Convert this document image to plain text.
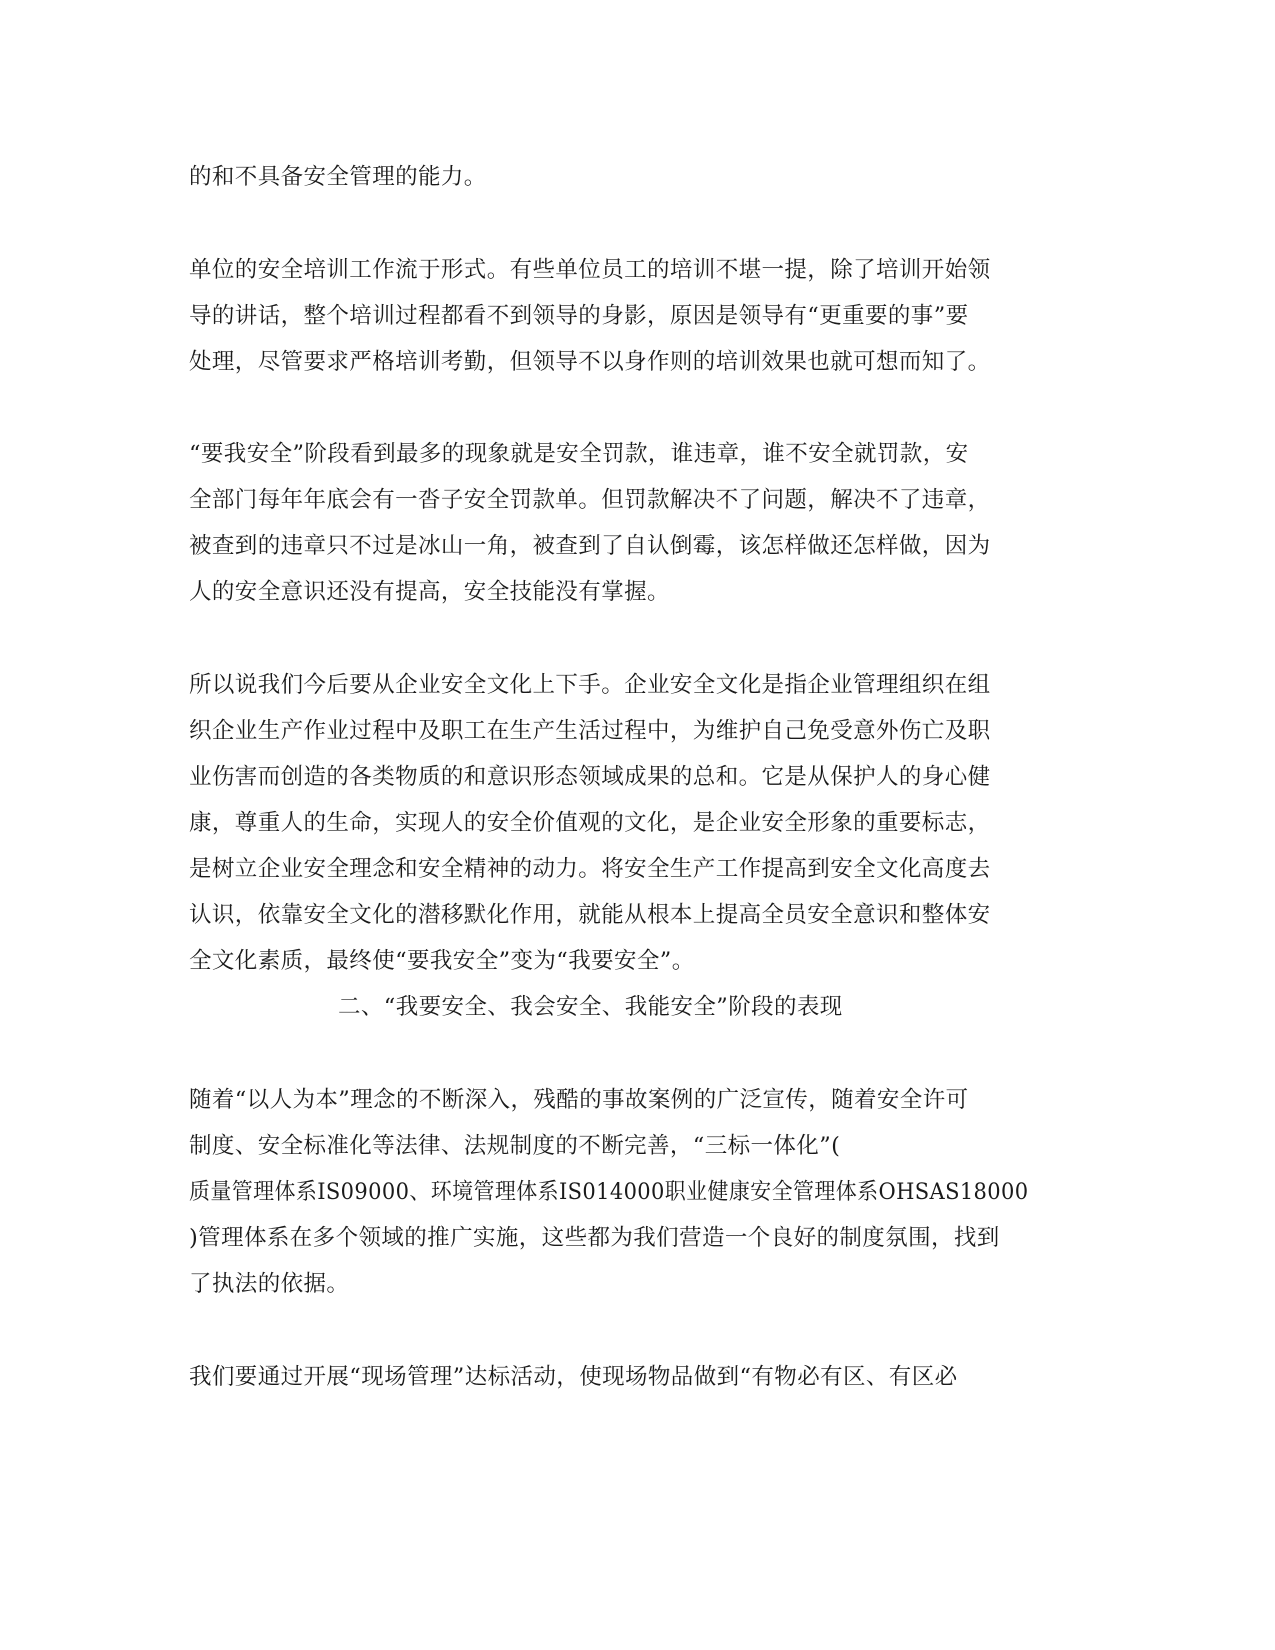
的和不具备安全管理的能力。
单位的安全培训工作流于形式。有些单位员工的培训不堪一提，除了培训开始领
导的讲话，整个培训过程都看不到领导的身影，原因是领导有“更重要的事”要
处理，尽管要求严格培训考勤，但领导不以身作则的培训效果也就可想而知了。
“要我安全”阶段看到最多的现象就是安全罚款，谁违章，谁不安全就罚款，安
全部门每年年底会有一沓子安全罚款单。但罚款解决不了问题，解决不了违章，
被查到的违章只不过是冰山一角，被查到了自认倒霉，该怎样做还怎样做，因为
人的安全意识还没有提高，安全技能没有掌握。
所以说我们今后要从企业安全文化上下手。企业安全文化是指企业管理组织在组
织企业生产作业过程中及职工在生产生活过程中，为维护自己免受意外伤亡及职
业伤害而创造的各类物质的和意识形态领域成果的总和。它是从保护人的身心健
康，尊重人的生命，实现人的安全价值观的文化，是企业安全形象的重要标志，
是树立企业安全理念和安全精神的动力。将安全生产工作提高到安全文化高度去
认识，依靠安全文化的潜移默化作用，就能从根本上提高全员安全意识和整体安
全文化素质，最终使“要我安全”变为“我要安全”。
二、“我要安全、我会安全、我能安全”阶段的表现
随着“以人为本”理念的不断深入，残酷的事故案例的广泛宣传，随着安全许可
制度、安全标准化等法律、法规制度的不断完善，“三标一体化”(
质量管理体系IS09000、环境管理体系IS014000职业健康安全管理体系OHSAS18000
)管理体系在多个领域的推广实施，这些都为我们营造一个良好的制度氛围，找到
了执法的依据。
我们要通过开展“现场管理”达标活动，使现场物品做到“有物必有区、有区必
